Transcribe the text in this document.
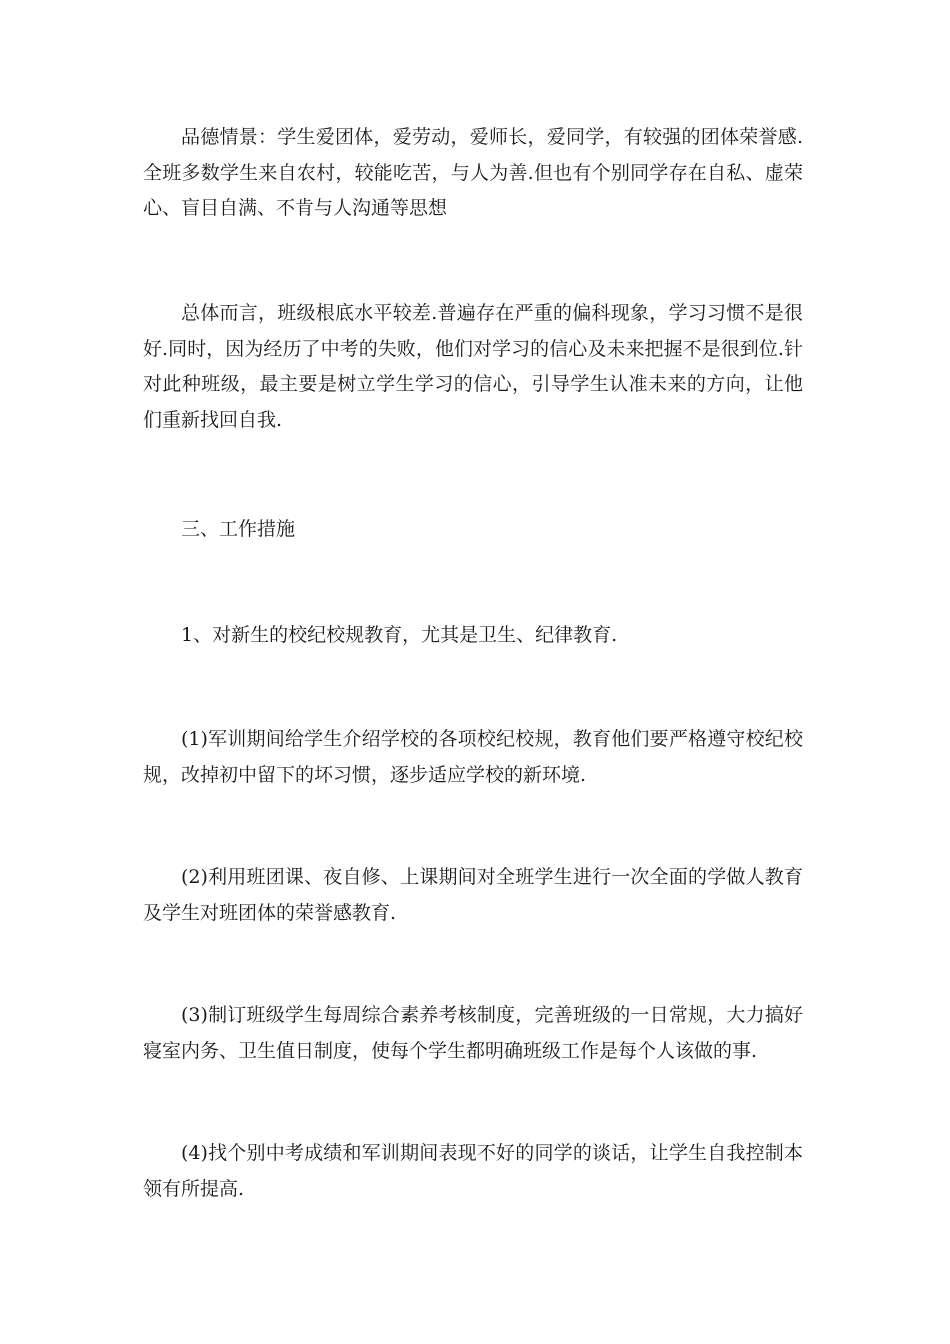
品德情景：学生爱团体，爱劳动，爱师长，爱同学，有较强的团体荣誉感.全班多数学生来自农村，较能吃苦，与人为善.但也有个别同学存在自私、虚荣心、盲目自满、不肯与人沟通等思想

总体而言，班级根底水平较差.普遍存在严重的偏科现象，学习习惯不是很好.同时，因为经历了中考的失败，他们对学习的信心及未来把握不是很到位.针对此种班级，最主要是树立学生学习的信心，引导学生认准未来的方向，让他们重新找回自我.

三、工作措施

1、对新生的校纪校规教育，尤其是卫生、纪律教育.

(1)军训期间给学生介绍学校的各项校纪校规，教育他们要严格遵守校纪校规，改掉初中留下的坏习惯，逐步适应学校的新环境.

(2)利用班团课、夜自修、上课期间对全班学生进行一次全面的学做人教育及学生对班团体的荣誉感教育.

(3)制订班级学生每周综合素养考核制度，完善班级的一日常规，大力搞好寝室内务、卫生值日制度，使每个学生都明确班级工作是每个人该做的事.

(4)找个别中考成绩和军训期间表现不好的同学的谈话，让学生自我控制本领有所提高.
